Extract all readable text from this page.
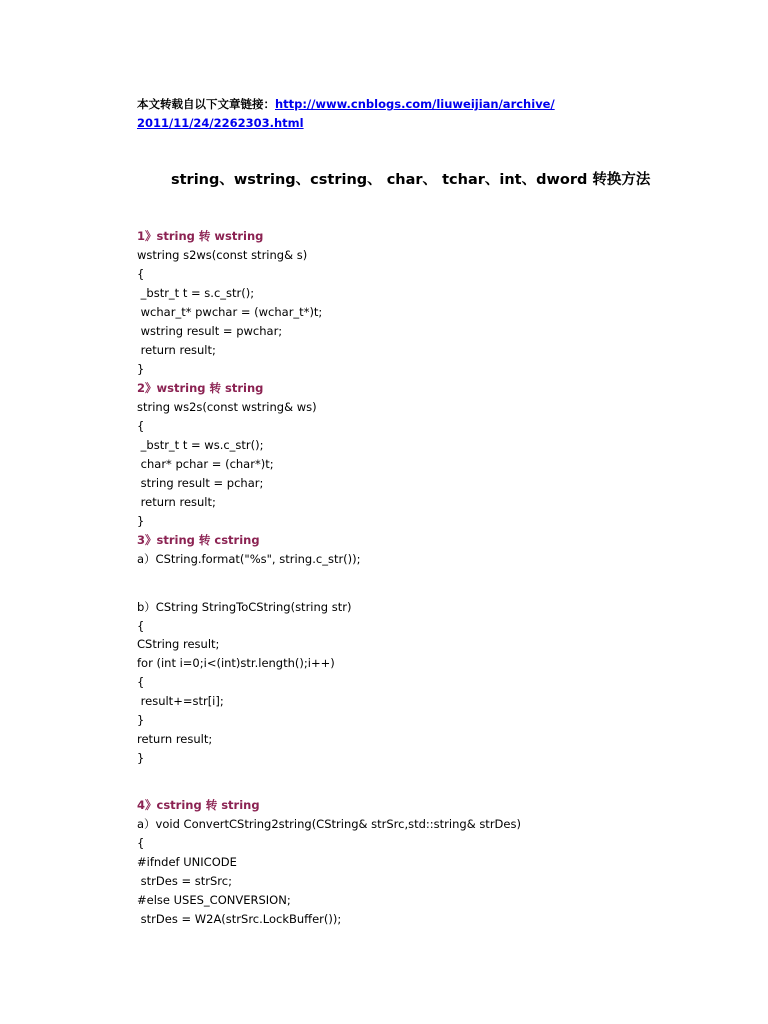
本文转载自以下文章链接：http://www.cnblogs.com/liuweijian/archive/
2011/11/24/2262303.html
string、wstring、cstring、 char、 tchar、int、dword 转换方法
1》string 转 wstring
wstring s2ws(const string& s)
{
_bstr_t t = s.c_str();
wchar_t* pwchar = (wchar_t*)t;
wstring result = pwchar;
return result;
}
2》wstring 转 string
string ws2s(const wstring& ws)
{
_bstr_t t = ws.c_str();
char* pchar = (char*)t;
string result = pchar;
return result;
}
3》string 转 cstring
a）CString.format("%s", string.c_str());
b）CString StringToCString(string str)
{
CString result;
for (int i=0;i<(int)str.length();i++)
{
result+=str[i];
}
return result;
}
4》cstring 转 string
a）void ConvertCString2string(CString& strSrc,std::string& strDes)
{
#ifndef UNICODE
strDes = strSrc;
#else USES_CONVERSION;
strDes = W2A(strSrc.LockBuffer());
